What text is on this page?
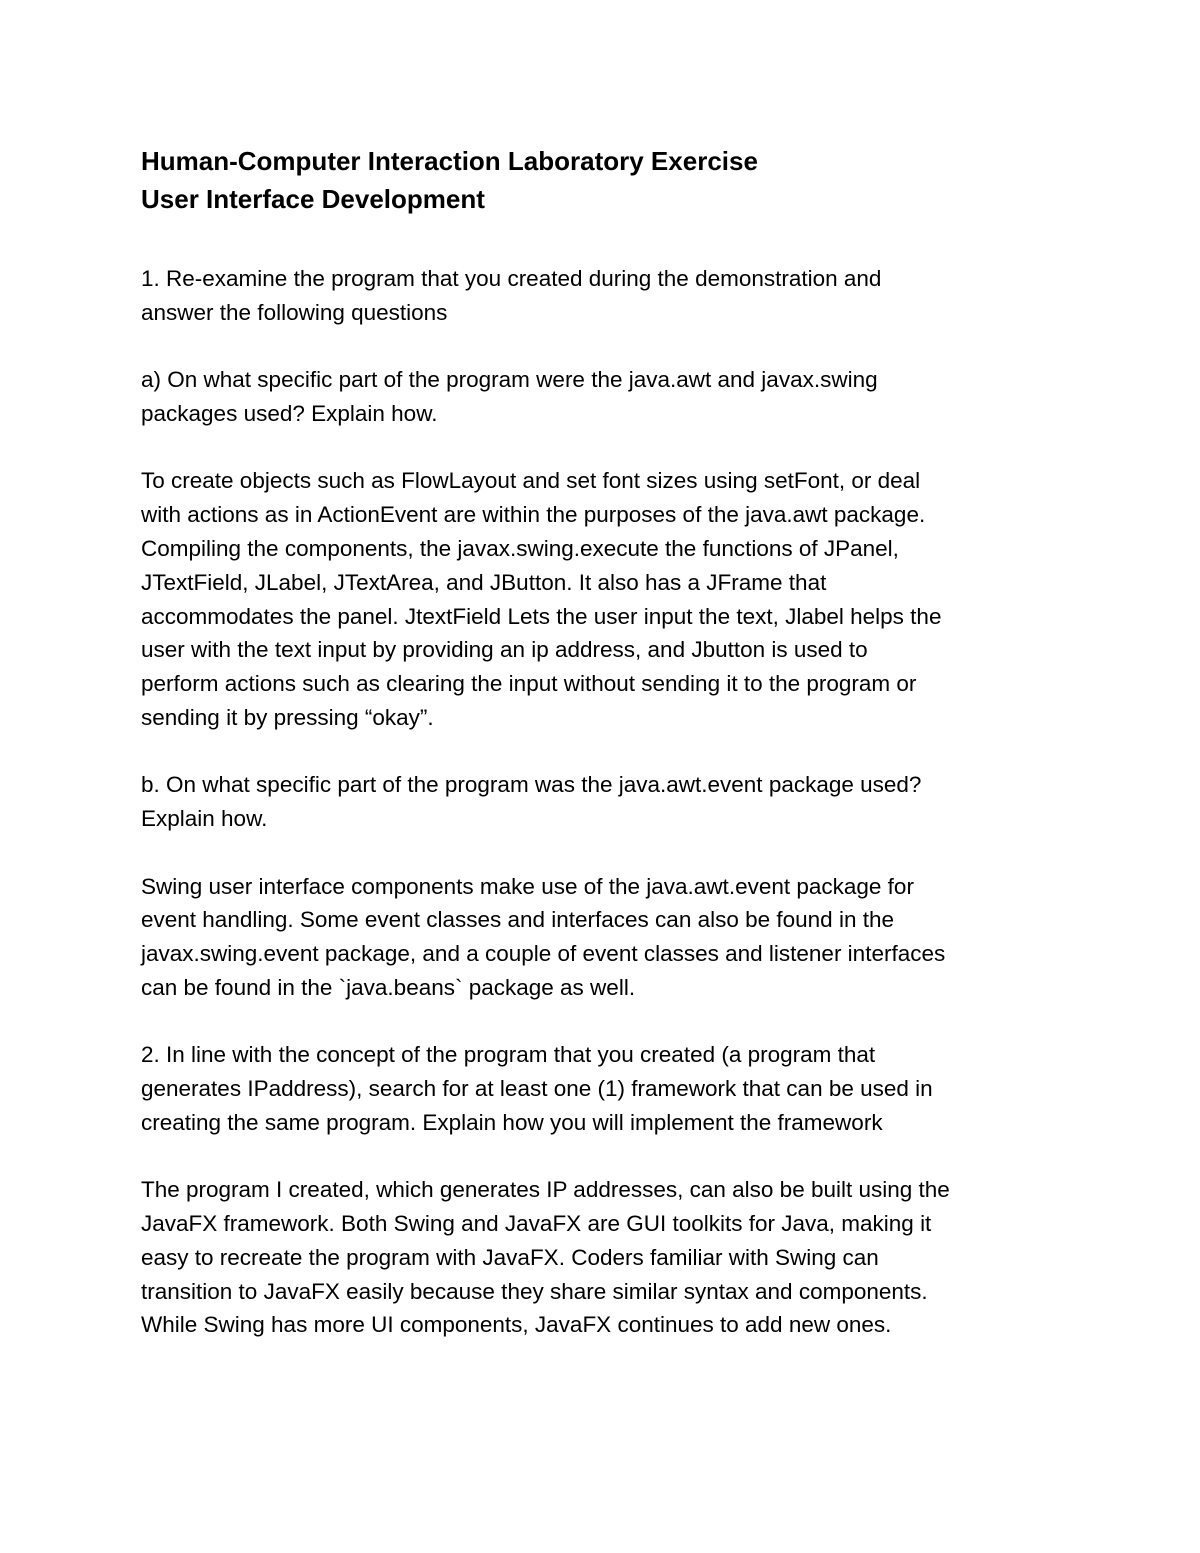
Human-Computer Interaction Laboratory Exercise
User Interface Development
1. Re-examine the program that you created during the demonstration and
answer the following questions
a) On what specific part of the program were the java.awt and javax.swing
packages used? Explain how.
To create objects such as FlowLayout and set font sizes using setFont, or deal
with actions as in ActionEvent are within the purposes of the java.awt package.
Compiling the components, the javax.swing.execute the functions of JPanel,
JTextField, JLabel, JTextArea, and JButton. It also has a JFrame that
accommodates the panel. JtextField Lets the user input the text, Jlabel helps the
user with the text input by providing an ip address, and Jbutton is used to
perform actions such as clearing the input without sending it to the program or
sending it by pressing “okay”.
b. On what specific part of the program was the java.awt.event package used?
Explain how.
Swing user interface components make use of the java.awt.event package for
event handling. Some event classes and interfaces can also be found in the
javax.swing.event package, and a couple of event classes and listener interfaces
can be found in the `java.beans` package as well.
2. In line with the concept of the program that you created (a program that
generates IPaddress), search for at least one (1) framework that can be used in
creating the same program. Explain how you will implement the framework
The program I created, which generates IP addresses, can also be built using the
JavaFX framework. Both Swing and JavaFX are GUI toolkits for Java, making it
easy to recreate the program with JavaFX. Coders familiar with Swing can
transition to JavaFX easily because they share similar syntax and components.
While Swing has more UI components, JavaFX continues to add new ones.
